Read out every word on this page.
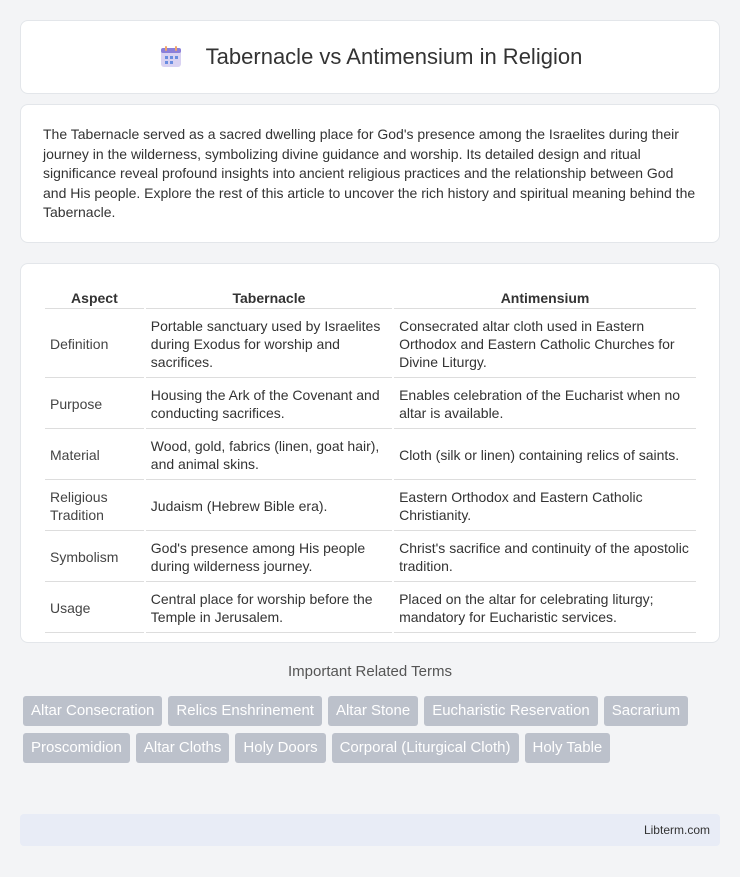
Tabernacle vs Antimensium in Religion

The Tabernacle served as a sacred dwelling place for God's presence among the Israelites during their journey in the wilderness, symbolizing divine guidance and worship. Its detailed design and ritual significance reveal profound insights into ancient religious practices and the relationship between God and His people. Explore the rest of this article to uncover the rich history and spiritual meaning behind the Tabernacle.

Aspect	Tabernacle	Antimensium
Definition	Portable sanctuary used by Israelites during Exodus for worship and sacrifices.	Consecrated altar cloth used in Eastern Orthodox and Eastern Catholic Churches for Divine Liturgy.
Purpose	Housing the Ark of the Covenant and conducting sacrifices.	Enables celebration of the Eucharist when no altar is available.
Material	Wood, gold, fabrics (linen, goat hair), and animal skins.	Cloth (silk or linen) containing relics of saints.
Religious Tradition	Judaism (Hebrew Bible era).	Eastern Orthodox and Eastern Catholic Christianity.
Symbolism	God's presence among His people during wilderness journey.	Christ's sacrifice and continuity of the apostolic tradition.
Usage	Central place for worship before the Temple in Jerusalem.	Placed on the altar for celebrating liturgy; mandatory for Eucharistic services.
Important Related Terms
Altar Consecration	Relics Enshrinement	Altar Stone	Eucharistic Reservation	Sacrarium
Proscomidion	Altar Cloths	Holy Doors	Corporal (Liturgical Cloth)	Holy Table
Libterm.com
